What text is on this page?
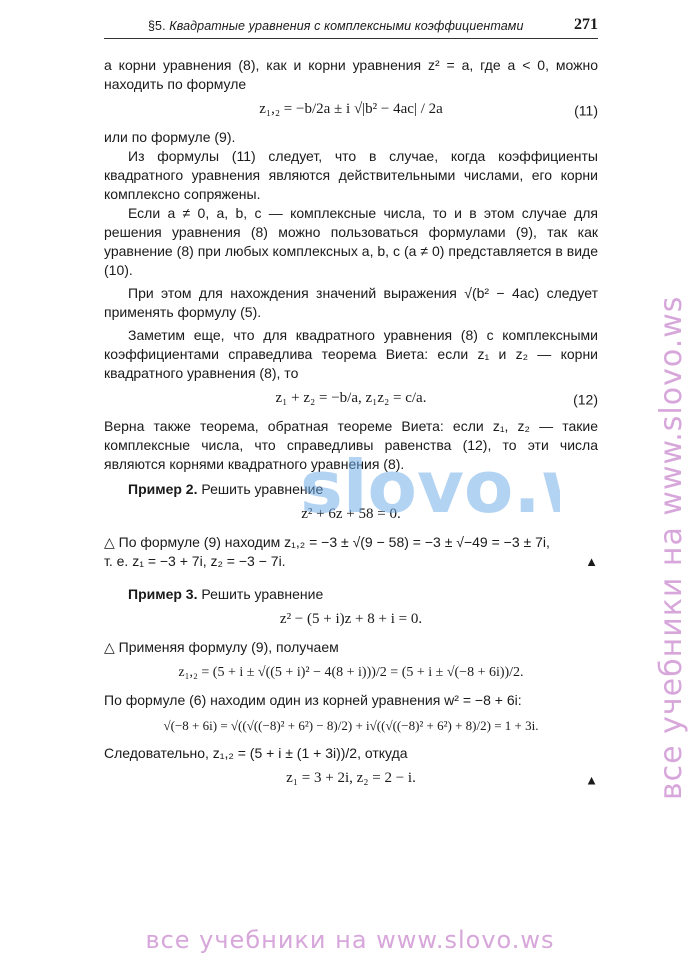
§5. Квадратные уравнения с комплексными коэффициентами	271

а корни уравнения (8), как и корни уравнения z² = a, где a < 0, можно находить по формуле

z₁,₂ = −b/2a ± i √|b² − 4ac| / 2a	(11)

или по формуле (9).

Из формулы (11) следует, что в случае, когда коэффициенты квадратного уравнения являются действительными числами, его корни комплексно сопряжены.

Если a ≠ 0, a, b, c — комплексные числа, то и в этом случае для решения уравнения (8) можно пользоваться формулами (9), так как уравнение (8) при любых комплексных a, b, c (a ≠ 0) представляется в виде (10).

При этом для нахождения значений выражения √(b² − 4ac) следует применять формулу (5).

Заметим еще, что для квадратного уравнения (8) с комплексными коэффициентами справедлива теорема Виета: если z₁ и z₂ — корни квадратного уравнения (8), то

z₁ + z₂ = −b/a, z₁z₂ = c/a.	(12)

Верна также теорема, обратная теореме Виета: если z₁, z₂ — такие комплексные числа, что справедливы равенства (12), то эти числа являются корнями квадратного уравнения (8).

Пример 2. Решить уравнение

z² + 6z + 58 = 0.

△ По формуле (9) находим z₁,₂ = −3 ± √(9 − 58) = −3 ± √−49 = −3 ± 7i,

т. е. z₁ = −3 + 7i, z₂ = −3 − 7i.	▲

Пример 3. Решить уравнение

z² − (5 + i)z + 8 + i = 0.

△ Применяя формулу (9), получаем

z₁,₂ = (5 + i ± √((5 + i)² − 4(8 + i)))/2 = (5 + i ± √(−8 + 6i))/2.

По формуле (6) находим один из корней уравнения w² = −8 + 6i:

√(−8 + 6i) = √((√((−8)² + 6²) − 8)/2) + i√((√((−8)² + 6²) + 8)/2) = 1 + 3i.

Следовательно, z₁,₂ = (5 + i ± (1 + 3i))/2, откуда

z₁ = 3 + 2i, z₂ = 2 − i.	▲ все учебники на www.slovo.ws
slovo.
все учебники на www.slovo.ws
